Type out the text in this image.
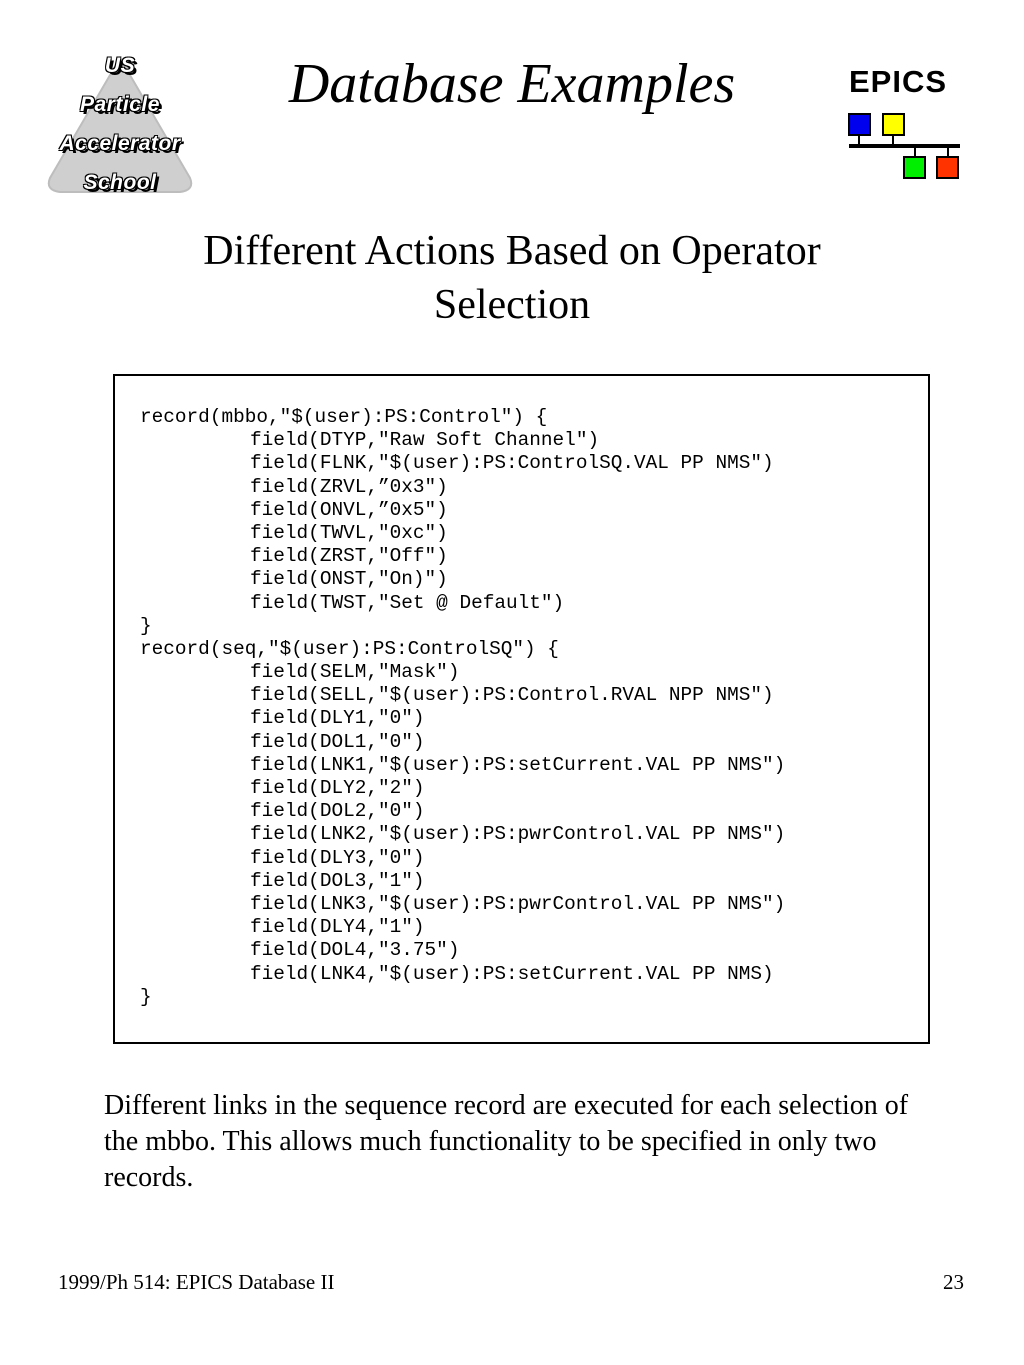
US
Particle
Accelerator
School
Database Examples	EPICS
Different Actions Based on Operator
Selection
record(mbbo,"$(user):PS:Control") {
field(DTYP,"Raw Soft Channel")
field(FLNK,"$(user):PS:ControlSQ.VAL PP NMS")
field(ZRVL,”0x3")
field(ONVL,”0x5")
field(TWVL,"0xc")
field(ZRST,"Off")
field(ONST,"On)")
field(TWST,"Set @ Default")
}
record(seq,"$(user):PS:ControlSQ") {
field(SELM,"Mask")
field(SELL,"$(user):PS:Control.RVAL NPP NMS")
field(DLY1,"0")
field(DOL1,"0")
field(LNK1,"$(user):PS:setCurrent.VAL PP NMS")
field(DLY2,"2")
field(DOL2,"0")
field(LNK2,"$(user):PS:pwrControl.VAL PP NMS")
field(DLY3,"0")
field(DOL3,"1")
field(LNK3,"$(user):PS:pwrControl.VAL PP NMS")
field(DLY4,"1")
field(DOL4,"3.75")
field(LNK4,"$(user):PS:setCurrent.VAL PP NMS)
}

Different links in the sequence record are executed for each selection of the mbbo. This allows much functionality to be specified in only two records.

1999/Ph 514: EPICS Database II	23
